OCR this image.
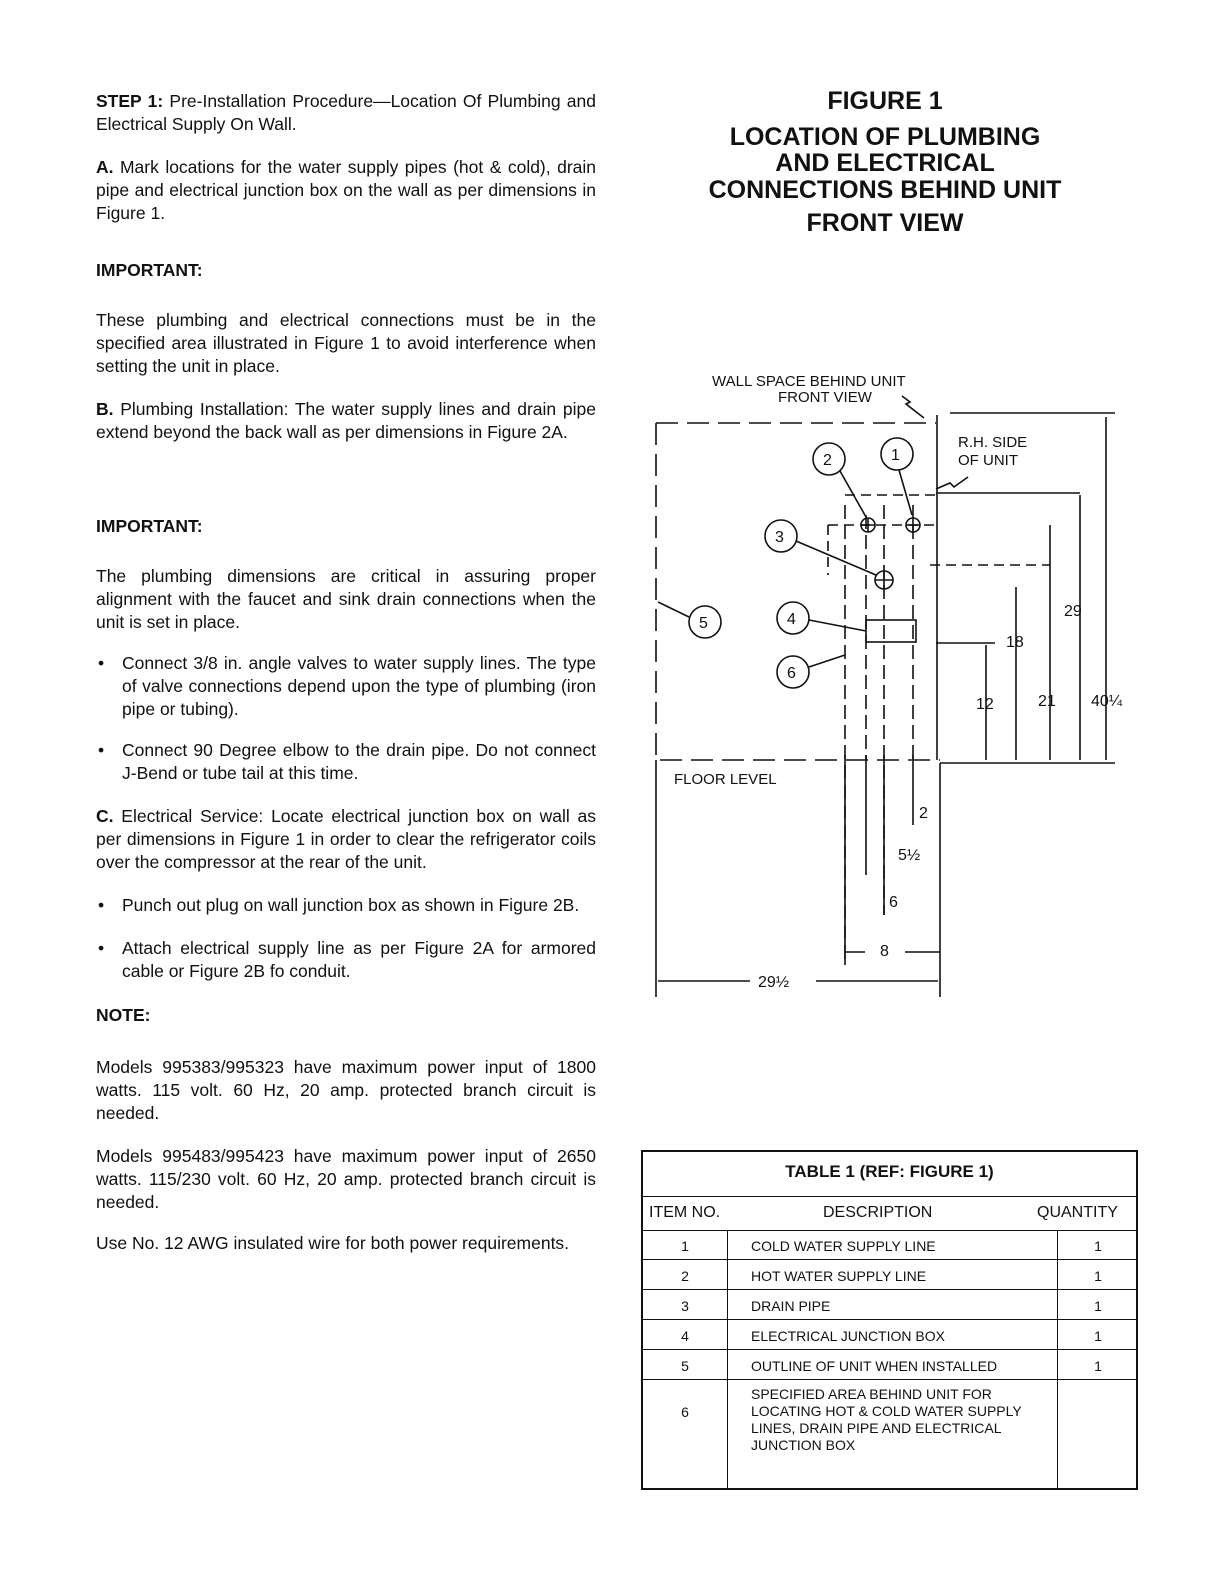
STEP 1: Pre-Installation Procedure—Location Of Plumbing and Electrical Supply On Wall.

A. Mark locations for the water supply pipes (hot & cold), drain pipe and electrical junction box on the wall as per dimensions in Figure 1.

IMPORTANT:

These plumbing and electrical connections must be in the specified area illustrated in Figure 1 to avoid interference when setting the unit in place.

B. Plumbing Installation: The water supply lines and drain pipe extend beyond the back wall as per dimensions in Figure 2A.

IMPORTANT:

The plumbing dimensions are critical in assuring proper alignment with the faucet and sink drain connections when the unit is set in place.

• Connect 3/8 in. angle valves to water supply lines. The type of valve connections depend upon the type of plumbing (iron pipe or tubing).
• Connect 90 Degree elbow to the drain pipe. Do not connect J-Bend or tube tail at this time.

C. Electrical Service: Locate electrical junction box on wall as per dimensions in Figure 1 in order to clear the refrigerator coils over the compressor at the rear of the unit.

• Punch out plug on wall junction box as shown in Figure 2B.
• Attach electrical supply line as per Figure 2A for armored cable or Figure 2B fo conduit.

NOTE:

Models 995383/995323 have maximum power input of 1800 watts. 115 volt. 60 Hz, 20 amp. protected branch circuit is needed.

Models 995483/995423 have maximum power input of 2650 watts. 115/230 volt. 60 Hz, 20 amp. protected branch circuit is needed.

Use No. 12 AWG insulated wire for both power requirements.

FIGURE 1
LOCATION OF PLUMBING
AND ELECTRICAL
CONNECTIONS BEHIND UNIT
FRONT VIEW
WALL SPACE BEHIND UNIT
FRONT VIEW
R.H. SIDE
OF UNIT
FLOOR LEVEL
1
2
3
4
5
6
12
18
21
29
40¼
2
5½
6
8
29½
TABLE 1 (REF: FIGURE 1)
ITEM NO.	DESCRIPTION	QUANTITY
1	COLD WATER SUPPLY LINE	1
2	HOT WATER SUPPLY LINE	1
3	DRAIN PIPE	1
4	ELECTRICAL JUNCTION BOX	1
5	OUTLINE OF UNIT WHEN INSTALLED	1
6
SPECIFIED AREA BEHIND UNIT FOR LOCATING HOT & COLD WATER SUPPLY LINES, DRAIN PIPE AND ELECTRICAL JUNCTION BOX
